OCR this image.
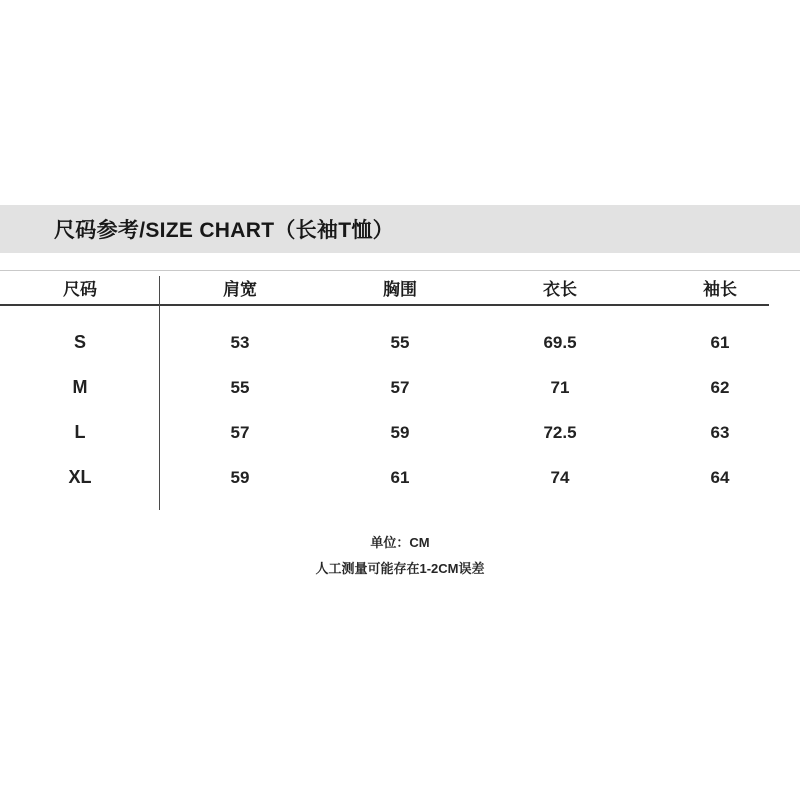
尺码参考/SIZE CHART（长袖T恤）
尺码	肩宽	胸围	衣长	袖长
S	53	55	69.5	61
M	55	57	71	62
L	57	59	72.5	63
XL	59	61	74	64
单位：CM
人工测量可能存在1-2CM误差
